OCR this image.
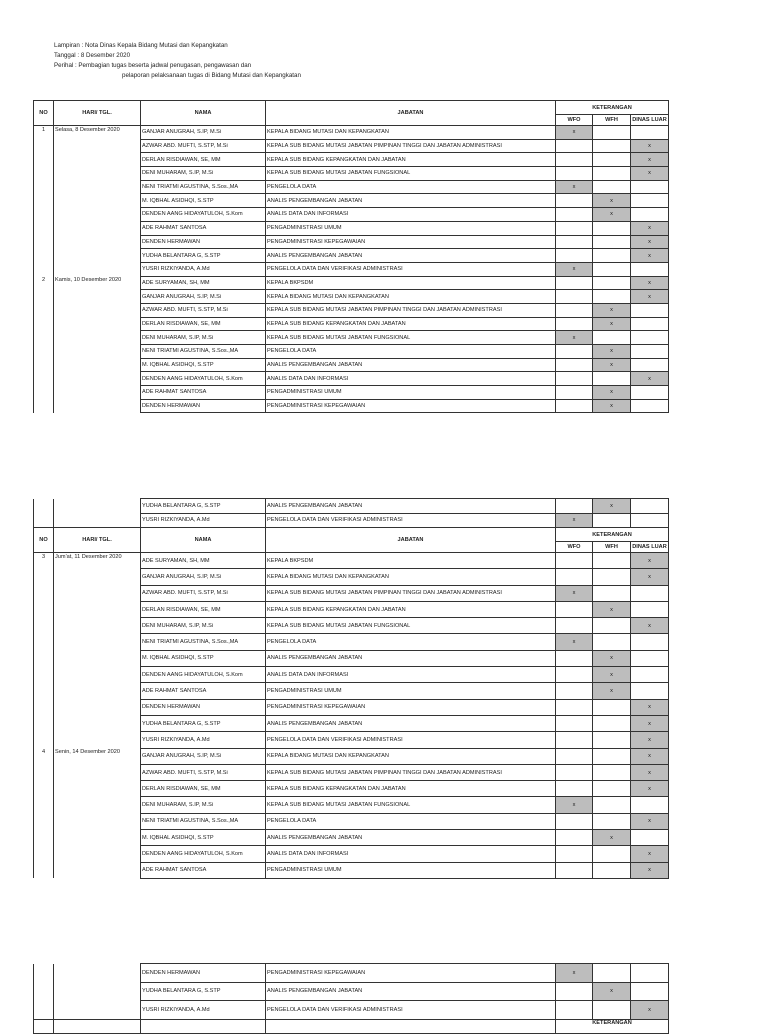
Lampiran : Nota Dinas Kepala Bidang Mutasi dan Kepangkatan
Tanggal : 8 Desember 2020
Perihal : Pembagian tugas beserta jadwal penugasan, pengawasan dan
pelaporan pelaksanaan tugas di Bidang Mutasi dan Kepangkatan
NO	HARI/ TGL.	NAMA	JABATAN	KETERANGAN		
				WFO	WFH	DINAS LUAR
1	Selasa, 8 Desember 2020	GANJAR ANUGRAH, S.IP, M.Si	KEPALA BIDANG MUTASI DAN KEPANGKATAN	x		
		AZWAR ABD. MUFTI, S.STP, M.Si	KEPALA SUB BIDANG MUTASI JABATAN PIMPINAN TINGGI DAN JABATAN ADMINISTRASI			x
		DERLAN RISDIAWAN, SE, MM	KEPALA SUB BIDANG KEPANGKATAN DAN JABATAN			x
		DENI MUHARAM, S.IP, M.Si	KEPALA SUB BIDANG MUTASI JABATAN FUNGSIONAL			x
		NENI TRIATMI AGUSTINA, S.Sos.,MA	PENGELOLA DATA	x		
		M. IQBHAL ASIDHQI, S.STP	ANALIS PENGEMBANGAN JABATAN		x	
		DENDEN AANG HIDAYATULOH, S.Kom	ANALIS DATA DAN INFORMASI		x	
		ADE RAHMAT SANTOSA	PENGADMINISTRASI UMUM			x
		DENDEN HERMAWAN	PENGADMINISTRASI KEPEGAWAIAN			x
		YUDHA BELANTARA G, S.STP	ANALIS PENGEMBANGAN JABATAN			x
		YUSRI RIZKIYANDA, A.Md	PENGELOLA DATA DAN VERIFIKASI ADMINISTRASI	x		
2	Kamis, 10 Desember 2020	ADE SURYAMAN, SH, MM	KEPALA BKPSDM			x
		GANJAR ANUGRAH, S.IP, M.Si	KEPALA BIDANG MUTASI DAN KEPANGKATAN			x
		AZWAR ABD. MUFTI, S.STP, M.Si	KEPALA SUB BIDANG MUTASI JABATAN PIMPINAN TINGGI DAN JABATAN ADMINISTRASI		x	
		DERLAN RISDIAWAN, SE, MM	KEPALA SUB BIDANG KEPANGKATAN DAN JABATAN		x	
		DENI MUHARAM, S.IP, M.Si	KEPALA SUB BIDANG MUTASI JABATAN FUNGSIONAL	x		
		NENI TRIATMI AGUSTINA, S.Sos.,MA	PENGELOLA DATA		x	
		M. IQBHAL ASIDHQI, S.STP	ANALIS PENGEMBANGAN JABATAN		x	
		DENDEN AANG HIDAYATULOH, S.Kom	ANALIS DATA DAN INFORMASI			x
		ADE RAHMAT SANTOSA	PENGADMINISTRASI UMUM		x	
		DENDEN HERMAWAN	PENGADMINISTRASI KEPEGAWAIAN		x	
		YUDHA BELANTARA G, S.STP	ANALIS PENGEMBANGAN JABATAN		x	
		YUSRI RIZKIYANDA, A.Md	PENGELOLA DATA DAN VERIFIKASI ADMINISTRASI	x		
NO	HARI/ TGL.	NAMA	JABATAN	KETERANGAN		
				WFO	WFH	DINAS LUAR
3	Jum'at, 11 Desember 2020	ADE SURYAMAN, SH, MM	KEPALA BKPSDM			x
		GANJAR ANUGRAH, S.IP, M.Si	KEPALA BIDANG MUTASI DAN KEPANGKATAN			x
		AZWAR ABD. MUFTI, S.STP, M.Si	KEPALA SUB BIDANG MUTASI JABATAN PIMPINAN TINGGI DAN JABATAN ADMINISTRASI	x		
		DERLAN RISDIAWAN, SE, MM	KEPALA SUB BIDANG KEPANGKATAN DAN JABATAN		x	
		DENI MUHARAM, S.IP, M.Si	KEPALA SUB BIDANG MUTASI JABATAN FUNGSIONAL			x
		NENI TRIATMI AGUSTINA, S.Sos.,MA	PENGELOLA DATA	x		
		M. IQBHAL ASIDHQI, S.STP	ANALIS PENGEMBANGAN JABATAN		x	
		DENDEN AANG HIDAYATULOH, S.Kom	ANALIS DATA DAN INFORMASI		x	
		ADE RAHMAT SANTOSA	PENGADMINISTRASI UMUM		x	
		DENDEN HERMAWAN	PENGADMINISTRASI KEPEGAWAIAN			x
		YUDHA BELANTARA G, S.STP	ANALIS PENGEMBANGAN JABATAN			x
		YUSRI RIZKIYANDA, A.Md	PENGELOLA DATA DAN VERIFIKASI ADMINISTRASI			x
4	Senin, 14 Desember 2020	GANJAR ANUGRAH, S.IP, M.Si	KEPALA BIDANG MUTASI DAN KEPANGKATAN			x
		AZWAR ABD. MUFTI, S.STP, M.Si	KEPALA SUB BIDANG MUTASI JABATAN PIMPINAN TINGGI DAN JABATAN ADMINISTRASI			x
		DERLAN RISDIAWAN, SE, MM	KEPALA SUB BIDANG KEPANGKATAN DAN JABATAN			x
		DENI MUHARAM, S.IP, M.Si	KEPALA SUB BIDANG MUTASI JABATAN FUNGSIONAL	x		
		NENI TRIATMI AGUSTINA, S.Sos.,MA	PENGELOLA DATA			x
		M. IQBHAL ASIDHQI, S.STP	ANALIS PENGEMBANGAN JABATAN		x	
		DENDEN AANG HIDAYATULOH, S.Kom	ANALIS DATA DAN INFORMASI			x
		ADE RAHMAT SANTOSA	PENGADMINISTRASI UMUM			x
		DENDEN HERMAWAN	PENGADMINISTRASI KEPEGAWAIAN	x		
		YUDHA BELANTARA G, S.STP	ANALIS PENGEMBANGAN JABATAN		x	
		YUSRI RIZKIYANDA, A.Md	PENGELOLA DATA DAN VERIFIKASI ADMINISTRASI			x
				KETERANGAN		
